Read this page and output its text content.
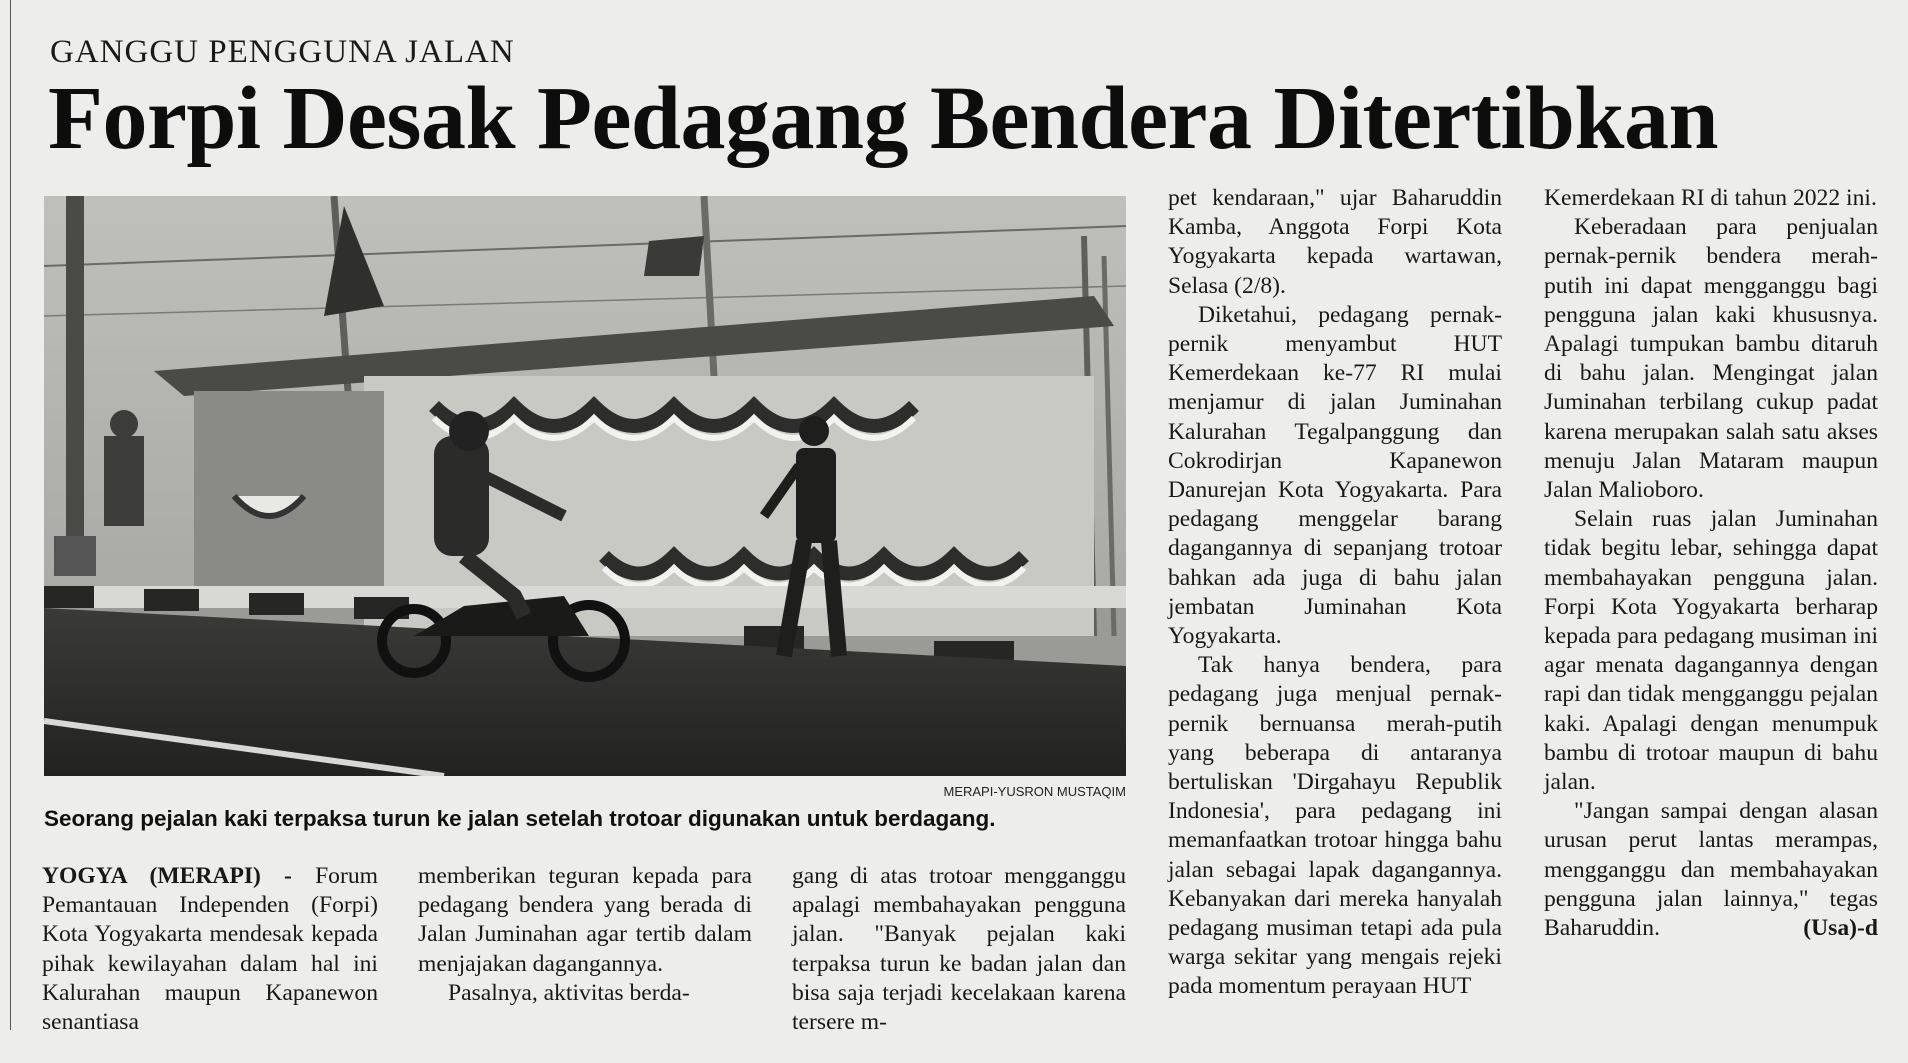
GANGGU PENGGUNA JALAN
Forpi Desak Pedagang Bendera Ditertibkan
MERAPI-YUSRON MUSTAQIM
Seorang pejalan kaki terpaksa turun ke jalan setelah trotoar digunakan untuk berdagang.

YOGYA (MERAPI) - Forum Pemantauan Independen (Forpi) Kota Yogyakarta mendesak kepada pihak kewilayahan dalam hal ini Kalurahan maupun Kapanewon senantiasa

memberikan teguran kepada para pedagang bendera yang berada di Jalan Juminahan agar tertib dalam menjajakan dagangannya.

Pasalnya, aktivitas berda-

gang di atas trotoar mengganggu apalagi membahayakan pengguna jalan. "Banyak pejalan kaki terpaksa turun ke badan jalan dan bisa saja terjadi kecelakaan karena tersere m-

pet kendaraan," ujar Baharuddin Kamba, Anggota Forpi Kota Yogyakarta kepada wartawan, Selasa (2/8).

Diketahui, pedagang pernak-pernik menyambut HUT Kemerdekaan ke-77 RI mulai menjamur di jalan Juminahan Kalurahan Tegalpanggung dan Cokrodirjan Kapanewon Danurejan Kota Yogyakarta. Para pedagang menggelar barang dagangannya di sepanjang trotoar bahkan ada juga di bahu jalan jembatan Juminahan Kota Yogyakarta.

Tak hanya bendera, para pedagang juga menjual pernak-pernik bernuansa merah-putih yang beberapa di antaranya bertuliskan 'Dirgahayu Republik Indonesia', para pedagang ini memanfaatkan trotoar hingga bahu jalan sebagai lapak dagangannya. Kebanyakan dari mereka hanyalah pedagang musiman tetapi ada pula warga sekitar yang mengais rejeki pada momentum perayaan HUT

Kemerdekaan RI di tahun 2022 ini.

Keberadaan para penjualan pernak-pernik bendera merah-putih ini dapat mengganggu bagi pengguna jalan kaki khususnya. Apalagi tumpukan bambu ditaruh di bahu jalan. Mengingat jalan Juminahan terbilang cukup padat karena merupakan salah satu akses menuju Jalan Mataram maupun Jalan Malioboro.

Selain ruas jalan Juminahan tidak begitu lebar, sehingga dapat membahayakan pengguna jalan. Forpi Kota Yogyakarta berharap kepada para pedagang musiman ini agar menata dagangannya dengan rapi dan tidak mengganggu pejalan kaki. Apalagi dengan menumpuk bambu di trotoar maupun di bahu jalan.

"Jangan sampai dengan alasan urusan perut lantas merampas, mengganggu dan membahayakan pengguna jalan lainnya," tegas Baharuddin.	(Usa)-d
